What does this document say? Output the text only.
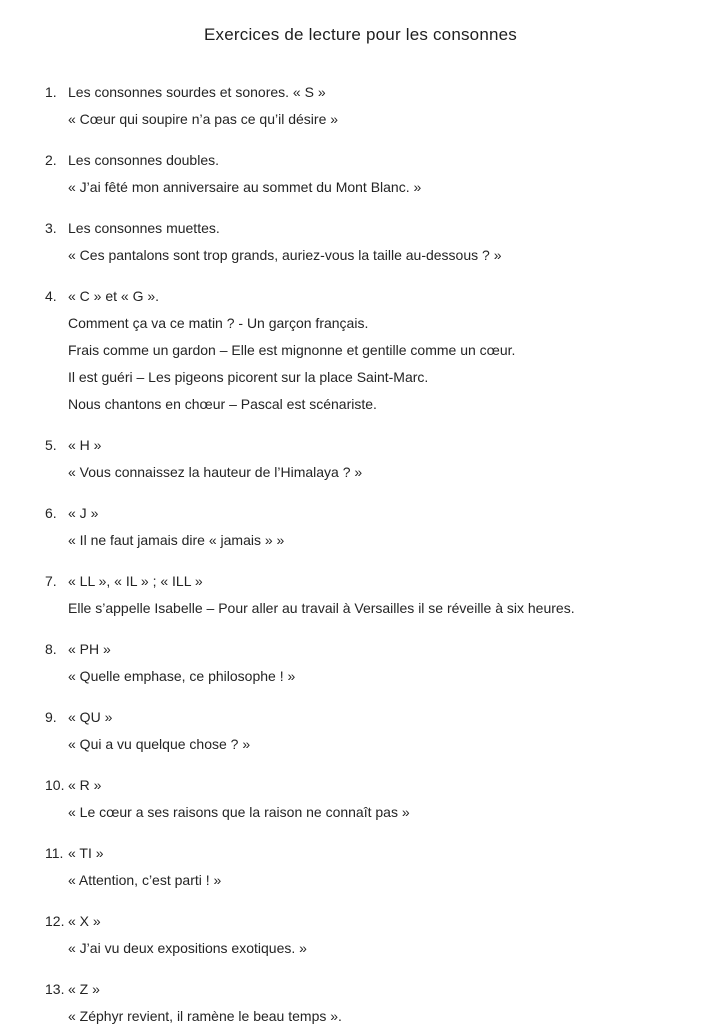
Exercices de lecture pour les consonnes
1. Les consonnes sourdes et sonores. « S »
« Cœur qui soupire n’a pas ce qu’il désire »
2. Les consonnes doubles.
« J’ai fêté mon anniversaire au sommet du Mont Blanc. »
3. Les consonnes muettes.
« Ces pantalons sont trop grands, auriez-vous la taille au-dessous ? »
4. « C » et « G ».
Comment ça va ce matin ? - Un garçon français.
Frais comme un gardon – Elle est mignonne et gentille comme un cœur.
Il est guéri – Les pigeons picorent sur la place Saint-Marc.
Nous chantons en chœur – Pascal est scénariste.
5. « H »
« Vous connaissez la hauteur de l’Himalaya ? »
6. « J »
« Il ne faut jamais dire « jamais » »
7. « LL », « IL » ; « ILL »
Elle s’appelle Isabelle – Pour aller au travail à Versailles il se réveille à six heures.
8. « PH »
« Quelle emphase, ce philosophe ! »
9. « QU »
« Qui a vu quelque chose ? »
10. « R »
« Le cœur a ses raisons que la raison ne connaît pas »
11. « TI »
« Attention, c’est parti ! »
12. « X »
« J’ai vu deux expositions exotiques. »
13. « Z »
« Zéphyr revient, il ramène le beau temps ».
